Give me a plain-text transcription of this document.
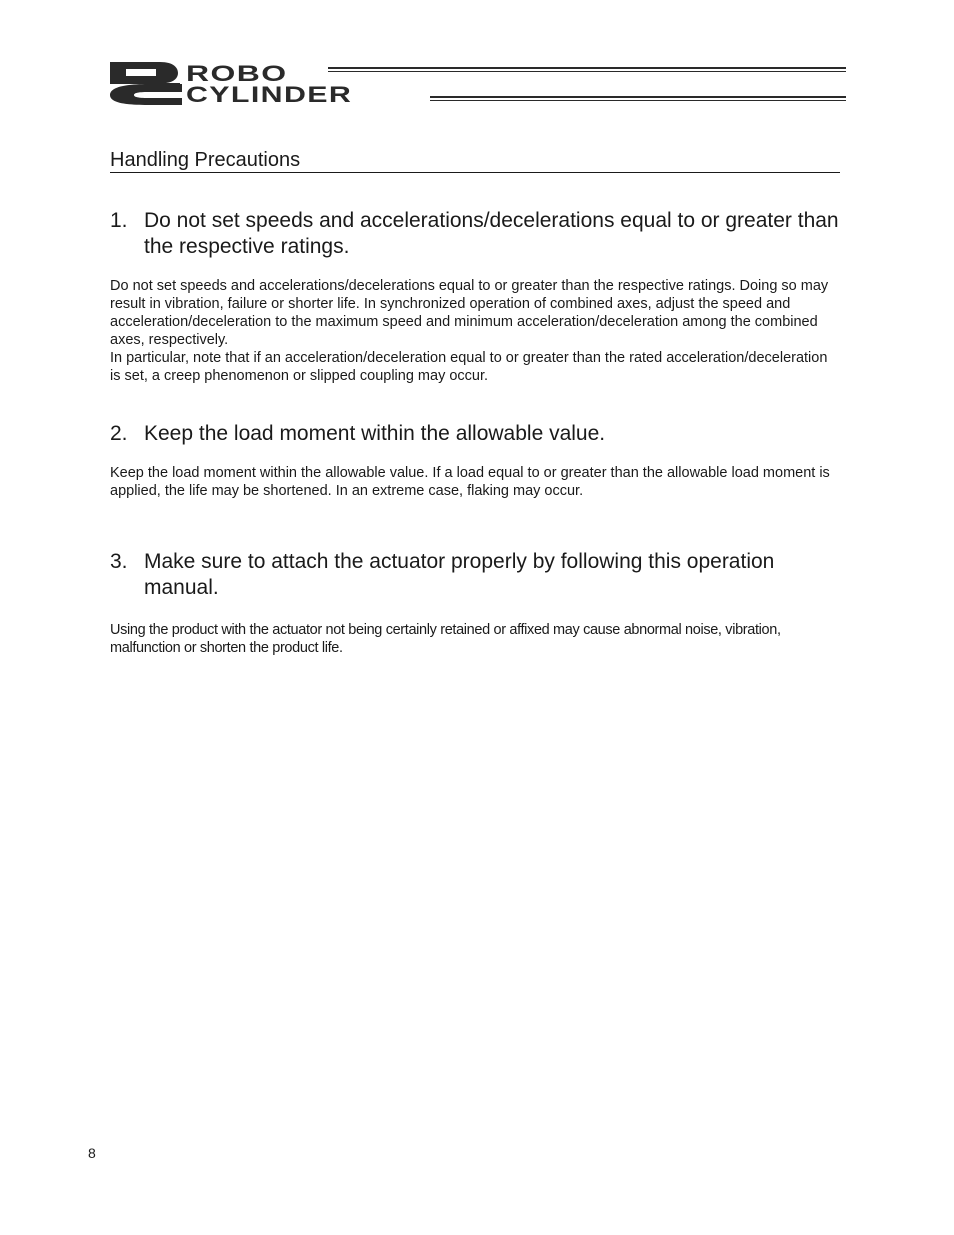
ROBO
CYLINDER
Handling Precautions
1. Do not set speeds and accelerations/decelerations equal to or greater than the respective ratings.

Do not set speeds and accelerations/decelerations equal to or greater than the respective ratings. Doing so may result in vibration, failure or shorter life. In synchronized operation of combined axes, adjust the speed and acceleration/deceleration to the maximum speed and minimum acceleration/deceleration among the combined axes, respectively.

In particular, note that if an acceleration/deceleration equal to or greater than the rated acceleration/deceleration is set, a creep phenomenon or slipped coupling may occur.

2. Keep the load moment within the allowable value.

Keep the load moment within the allowable value. If a load equal to or greater than the allowable load moment is applied, the life may be shortened. In an extreme case, flaking may occur.

3. Make sure to attach the actuator properly by following this operation manual.

Using the product with the actuator not being certainly retained or affixed may cause abnormal noise, vibration, malfunction or shorten the product life.

8
